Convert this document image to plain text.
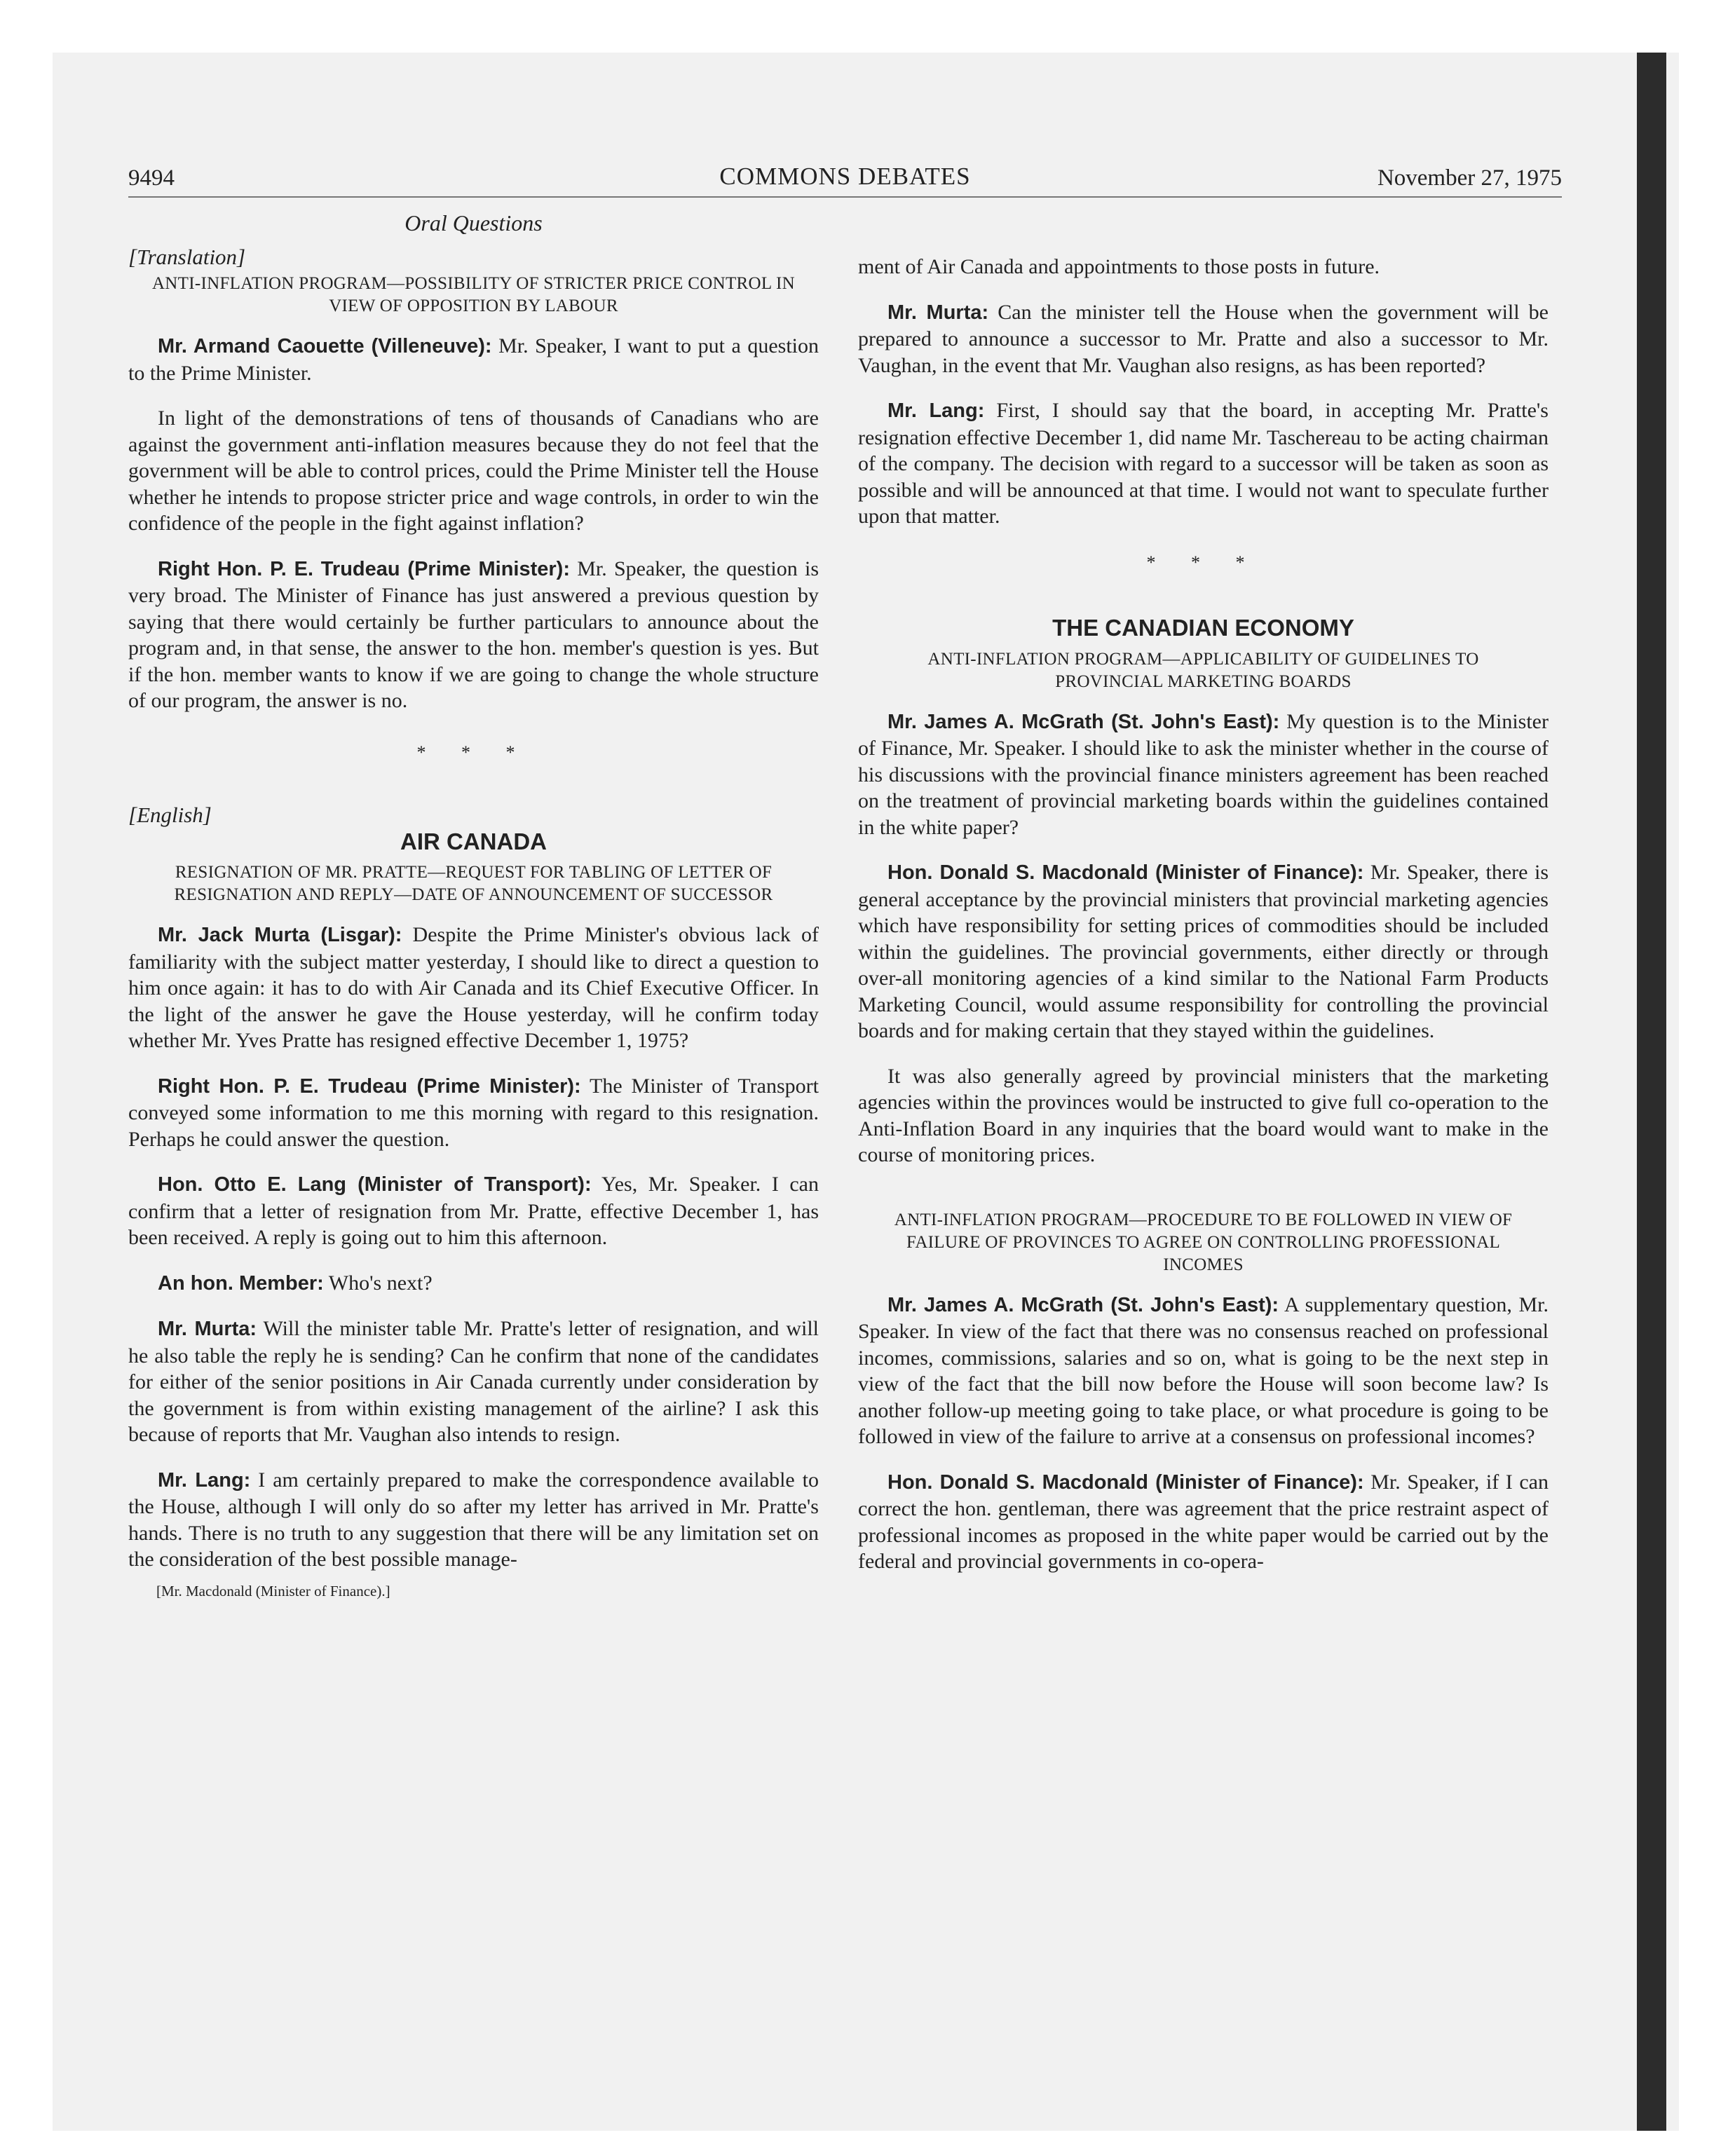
9494	COMMONS DEBATES	November 27, 1975

Oral Questions

[Translation]

ANTI-INFLATION PROGRAM—POSSIBILITY OF STRICTER PRICE CONTROL IN VIEW OF OPPOSITION BY LABOUR

Mr. Armand Caouette (Villeneuve): Mr. Speaker, I want to put a question to the Prime Minister.

In light of the demonstrations of tens of thousands of Canadians who are against the government anti-inflation measures because they do not feel that the government will be able to control prices, could the Prime Minister tell the House whether he intends to propose stricter price and wage controls, in order to win the confidence of the people in the fight against inflation?

Right Hon. P. E. Trudeau (Prime Minister): Mr. Speaker, the question is very broad. The Minister of Finance has just answered a previous question by saying that there would certainly be further particulars to announce about the program and, in that sense, the answer to the hon. member's question is yes. But if the hon. member wants to know if we are going to change the whole structure of our program, the answer is no.

* * *

[English]

AIR CANADA

RESIGNATION OF MR. PRATTE—REQUEST FOR TABLING OF LETTER OF RESIGNATION AND REPLY—DATE OF ANNOUNCEMENT OF SUCCESSOR

Mr. Jack Murta (Lisgar): Despite the Prime Minister's obvious lack of familiarity with the subject matter yesterday, I should like to direct a question to him once again: it has to do with Air Canada and its Chief Executive Officer. In the light of the answer he gave the House yesterday, will he confirm today whether Mr. Yves Pratte has resigned effective December 1, 1975?

Right Hon. P. E. Trudeau (Prime Minister): The Minister of Transport conveyed some information to me this morning with regard to this resignation. Perhaps he could answer the question.

Hon. Otto E. Lang (Minister of Transport): Yes, Mr. Speaker. I can confirm that a letter of resignation from Mr. Pratte, effective December 1, has been received. A reply is going out to him this afternoon.

An hon. Member: Who's next?

Mr. Murta: Will the minister table Mr. Pratte's letter of resignation, and will he also table the reply he is sending? Can he confirm that none of the candidates for either of the senior positions in Air Canada currently under consideration by the government is from within existing management of the airline? I ask this because of reports that Mr. Vaughan also intends to resign.

Mr. Lang: I am certainly prepared to make the correspondence available to the House, although I will only do so after my letter has arrived in Mr. Pratte's hands. There is no truth to any suggestion that there will be any limitation set on the consideration of the best possible manage-

[Mr. Macdonald (Minister of Finance).]

ment of Air Canada and appointments to those posts in future.

Mr. Murta: Can the minister tell the House when the government will be prepared to announce a successor to Mr. Pratte and also a successor to Mr. Vaughan, in the event that Mr. Vaughan also resigns, as has been reported?

Mr. Lang: First, I should say that the board, in accepting Mr. Pratte's resignation effective December 1, did name Mr. Taschereau to be acting chairman of the company. The decision with regard to a successor will be taken as soon as possible and will be announced at that time. I would not want to speculate further upon that matter.

* * *

THE CANADIAN ECONOMY

ANTI-INFLATION PROGRAM—APPLICABILITY OF GUIDELINES TO PROVINCIAL MARKETING BOARDS

Mr. James A. McGrath (St. John's East): My question is to the Minister of Finance, Mr. Speaker. I should like to ask the minister whether in the course of his discussions with the provincial finance ministers agreement has been reached on the treatment of provincial marketing boards within the guidelines contained in the white paper?

Hon. Donald S. Macdonald (Minister of Finance): Mr. Speaker, there is general acceptance by the provincial ministers that provincial marketing agencies which have responsibility for setting prices of commodities should be included within the guidelines. The provincial governments, either directly or through over-all monitoring agencies of a kind similar to the National Farm Products Marketing Council, would assume responsibility for controlling the provincial boards and for making certain that they stayed within the guidelines.

It was also generally agreed by provincial ministers that the marketing agencies within the provinces would be instructed to give full co-operation to the Anti-Inflation Board in any inquiries that the board would want to make in the course of monitoring prices.

ANTI-INFLATION PROGRAM—PROCEDURE TO BE FOLLOWED IN VIEW OF FAILURE OF PROVINCES TO AGREE ON CONTROLLING PROFESSIONAL INCOMES

Mr. James A. McGrath (St. John's East): A supplementary question, Mr. Speaker. In view of the fact that there was no consensus reached on professional incomes, commissions, salaries and so on, what is going to be the next step in view of the fact that the bill now before the House will soon become law? Is another follow-up meeting going to take place, or what procedure is going to be followed in view of the failure to arrive at a consensus on professional incomes?

Hon. Donald S. Macdonald (Minister of Finance): Mr. Speaker, if I can correct the hon. gentleman, there was agreement that the price restraint aspect of professional incomes as proposed in the white paper would be carried out by the federal and provincial governments in co-opera-
